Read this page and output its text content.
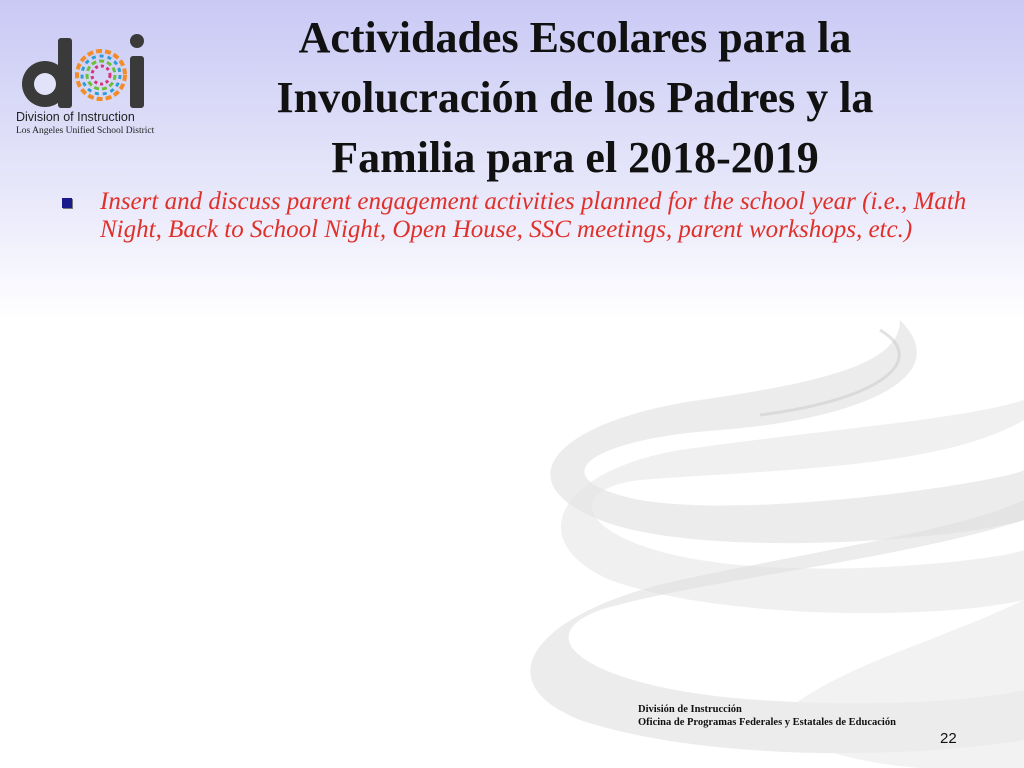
Division of Instruction
Los Angeles Unified School District
Actividades Escolares para la
Involucración de los Padres y la
Familia para el 2018-2019
Insert and discuss parent engagement activities planned for the school year (i.e., Math Night, Back to School Night, Open House, SSC meetings, parent workshops, etc.)
División de Instrucción
Oficina de Programas Federales y Estatales de Educación
22
